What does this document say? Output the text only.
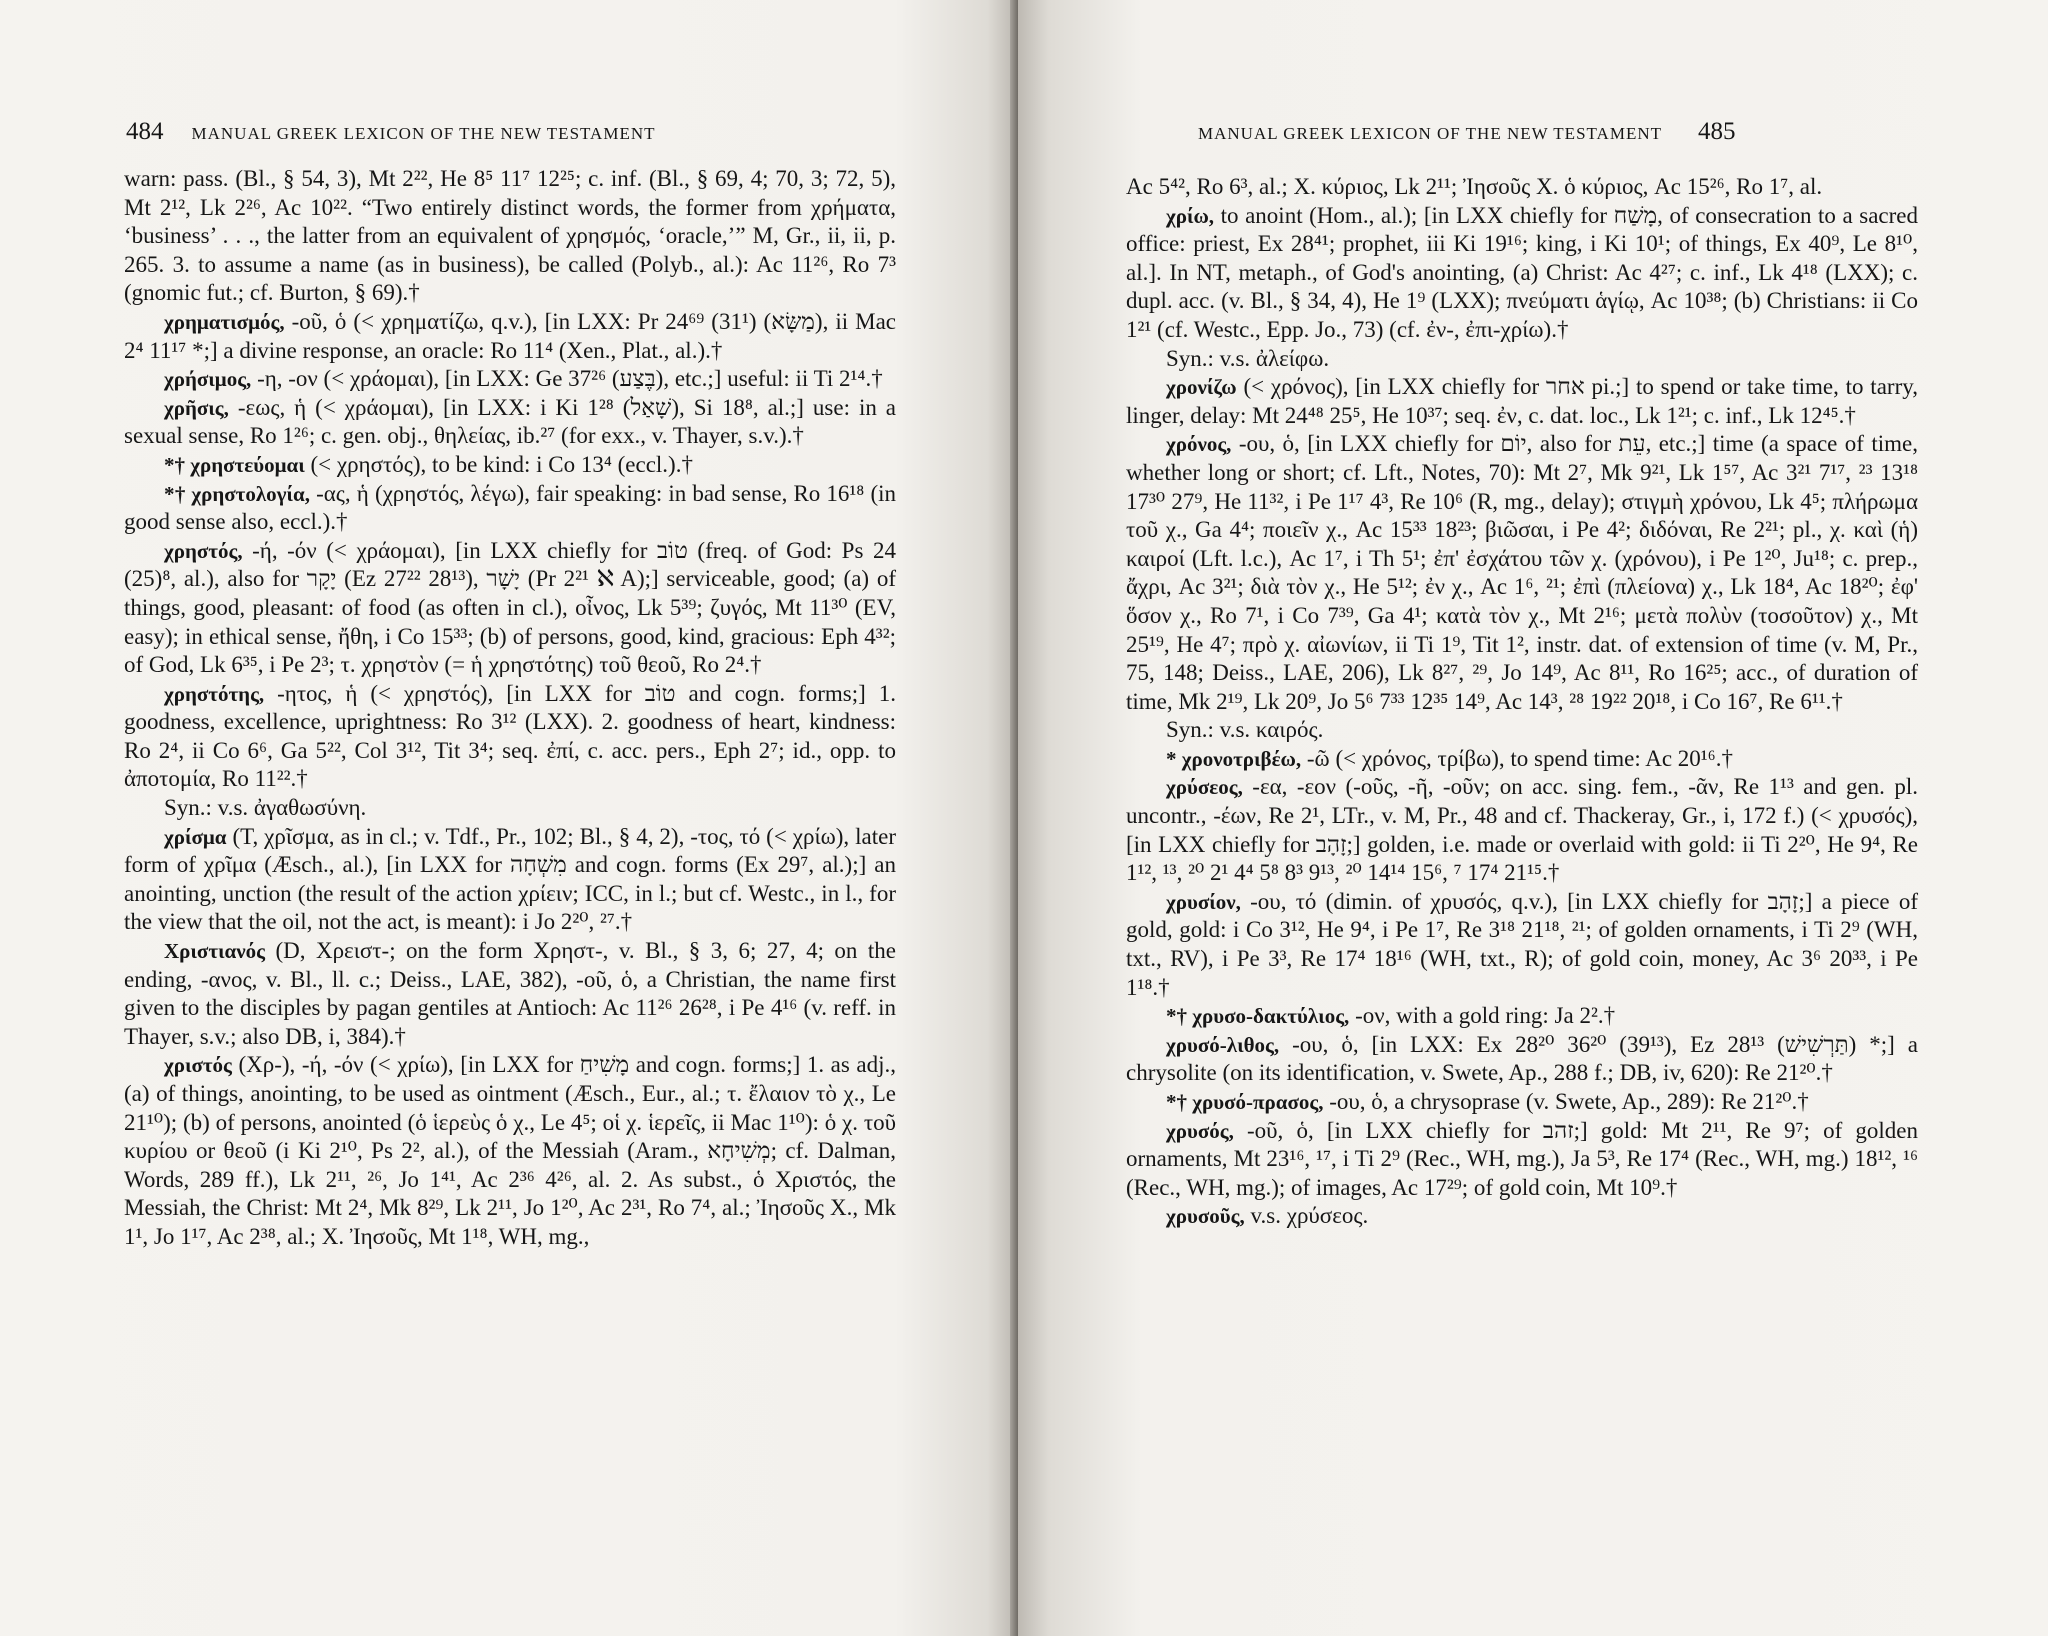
484 MANUAL GREEK LEXICON OF THE NEW TESTAMENT

warn: pass. (Bl., § 54, 3), Mt 2²², He 8⁵ 11⁷ 12²⁵; c. inf. (Bl., § 69, 4; 70, 3; 72, 5), Mt 2¹², Lk 2²⁶, Ac 10²². “Two entirely distinct words, the former from χρήματα, ‘business’ . . ., the latter from an equivalent of χρησμός, ‘oracle,’” M, Gr., ii, ii, p. 265. 3. to assume a name (as in business), be called (Polyb., al.): Ac 11²⁶, Ro 7³ (gnomic fut.; cf. Burton, § 69).†

χρηματισμός, -οῦ, ὁ (< χρηματίζω, q.v.), [in LXX: Pr 24⁶⁹ (31¹) (מַשָּׂא), ii Mac 2⁴ 11¹⁷ *;] a divine response, an oracle: Ro 11⁴ (Xen., Plat., al.).†

χρήσιμος, -η, -ον (< χράομαι), [in LXX: Ge 37²⁶ (בֶּצַע), etc.;] useful: ii Ti 2¹⁴.†

χρῆσις, -εως, ἡ (< χράομαι), [in LXX: i Ki 1²⁸ (שָׁאַל), Si 18⁸, al.;] use: in a sexual sense, Ro 1²⁶; c. gen. obj., θηλείας, ib.²⁷ (for exx., v. Thayer, s.v.).†

*† χρηστεύομαι (< χρηστός), to be kind: i Co 13⁴ (eccl.).†

*† χρηστολογία, -ας, ἡ (χρηστός, λέγω), fair speaking: in bad sense, Ro 16¹⁸ (in good sense also, eccl.).†

χρηστός, -ή, -όν (< χράομαι), [in LXX chiefly for טוֹב (freq. of God: Ps 24 (25)⁸, al.), also for יָקָר (Ez 27²² 28¹³), יָשָׁר (Pr 2²¹ ℵ A);] serviceable, good; (a) of things, good, pleasant: of food (as often in cl.), οἶνος, Lk 5³⁹; ζυγός, Mt 11³⁰ (EV, easy); in ethical sense, ἤθη, i Co 15³³; (b) of persons, good, kind, gracious: Eph 4³²; of God, Lk 6³⁵, i Pe 2³; τ. χρηστὸν (= ἡ χρηστότης) τοῦ θεοῦ, Ro 2⁴.†

χρηστότης, -ητος, ἡ (< χρηστός), [in LXX for טוֹב and cogn. forms;] 1. goodness, excellence, uprightness: Ro 3¹² (LXX). 2. goodness of heart, kindness: Ro 2⁴, ii Co 6⁶, Ga 5²², Col 3¹², Tit 3⁴; seq. ἐπί, c. acc. pers., Eph 2⁷; id., opp. to ἀποτομία, Ro 11²².†

Syn.: v.s. ἀγαθωσύνη.

χρίσμα (T, χρῖσμα, as in cl.; v. Tdf., Pr., 102; Bl., § 4, 2), -τος, τό (< χρίω), later form of χρῖμα (Æsch., al.), [in LXX for מִשְׁחָה and cogn. forms (Ex 29⁷, al.);] an anointing, unction (the result of the action χρίειν; ICC, in l.; but cf. Westc., in l., for the view that the oil, not the act, is meant): i Jo 2²⁰, ²⁷.†

Χριστιανός (D, Χρειστ-; on the form Χρηστ-, v. Bl., § 3, 6; 27, 4; on the ending, -ανος, v. Bl., ll. c.; Deiss., LAE, 382), -οῦ, ὁ, a Christian, the name first given to the disciples by pagan gentiles at Antioch: Ac 11²⁶ 26²⁸, i Pe 4¹⁶ (v. reff. in Thayer, s.v.; also DB, i, 384).†

χριστός (Χρ-), -ή, -όν (< χρίω), [in LXX for מָשִׁיחַ and cogn. forms;] 1. as adj., (a) of things, anointing, to be used as ointment (Æsch., Eur., al.; τ. ἔλαιον τὸ χ., Le 21¹⁰); (b) of persons, anointed (ὁ ἱερεὺς ὁ χ., Le 4⁵; οἱ χ. ἱερεῖς, ii Mac 1¹⁰): ὁ χ. τοῦ κυρίου or θεοῦ (i Ki 2¹⁰, Ps 2², al.), of the Messiah (Aram., מְשִׁיחָא; cf. Dalman, Words, 289 ff.), Lk 2¹¹, ²⁶, Jo 1⁴¹, Ac 2³⁶ 4²⁶, al. 2. As subst., ὁ Χριστός, the Messiah, the Christ: Mt 2⁴, Mk 8²⁹, Lk 2¹¹, Jo 1²⁰, Ac 2³¹, Ro 7⁴, al.; Ἰησοῦς Χ., Mk 1¹, Jo 1¹⁷, Ac 2³⁸, al.; Χ. Ἰησοῦς, Mt 1¹⁸, WH, mg.,

MANUAL GREEK LEXICON OF THE NEW TESTAMENT 485

Ac 5⁴², Ro 6³, al.; Χ. κύριος, Lk 2¹¹; Ἰησοῦς Χ. ὁ κύριος, Ac 15²⁶, Ro 1⁷, al.

χρίω, to anoint (Hom., al.); [in LXX chiefly for מָשַׁח, of consecration to a sacred office: priest, Ex 28⁴¹; prophet, iii Ki 19¹⁶; king, i Ki 10¹; of things, Ex 40⁹, Le 8¹⁰, al.]. In NT, metaph., of God's anointing, (a) Christ: Ac 4²⁷; c. inf., Lk 4¹⁸ (LXX); c. dupl. acc. (v. Bl., § 34, 4), He 1⁹ (LXX); πνεύματι ἁγίῳ, Ac 10³⁸; (b) Christians: ii Co 1²¹ (cf. Westc., Epp. Jo., 73) (cf. ἐν-, ἐπι-χρίω).†

Syn.: v.s. ἀλείφω.

χρονίζω (< χρόνος), [in LXX chiefly for אחר pi.;] to spend or take time, to tarry, linger, delay: Mt 24⁴⁸ 25⁵, He 10³⁷; seq. ἐν, c. dat. loc., Lk 1²¹; c. inf., Lk 12⁴⁵.†

χρόνος, -ου, ὁ, [in LXX chiefly for יוֹם, also for עֵת, etc.;] time (a space of time, whether long or short; cf. Lft., Notes, 70): Mt 2⁷, Mk 9²¹, Lk 1⁵⁷, Ac 3²¹ 7¹⁷, ²³ 13¹⁸ 17³⁰ 27⁹, He 11³², i Pe 1¹⁷ 4³, Re 10⁶ (R, mg., delay); στιγμὴ χρόνου, Lk 4⁵; πλήρωμα τοῦ χ., Ga 4⁴; ποιεῖν χ., Ac 15³³ 18²³; βιῶσαι, i Pe 4²; διδόναι, Re 2²¹; pl., χ. καὶ (ἡ) καιροί (Lft. l.c.), Ac 1⁷, i Th 5¹; ἐπ' ἐσχάτου τῶν χ. (χρόνου), i Pe 1²⁰, Ju¹⁸; c. prep., ἄχρι, Ac 3²¹; διὰ τὸν χ., He 5¹²; ἐν χ., Ac 1⁶, ²¹; ἐπὶ (πλείονα) χ., Lk 18⁴, Ac 18²⁰; ἐφ' ὅσον χ., Ro 7¹, i Co 7³⁹, Ga 4¹; κατὰ τὸν χ., Mt 2¹⁶; μετὰ πολὺν (τοσοῦτον) χ., Mt 25¹⁹, He 4⁷; πρὸ χ. αἰωνίων, ii Ti 1⁹, Tit 1², instr. dat. of extension of time (v. M, Pr., 75, 148; Deiss., LAE, 206), Lk 8²⁷, ²⁹, Jo 14⁹, Ac 8¹¹, Ro 16²⁵; acc., of duration of time, Mk 2¹⁹, Lk 20⁹, Jo 5⁶ 7³³ 12³⁵ 14⁹, Ac 14³, ²⁸ 19²² 20¹⁸, i Co 16⁷, Re 6¹¹.†

Syn.: v.s. καιρός.

* χρονοτριβέω, -ῶ (< χρόνος, τρίβω), to spend time: Ac 20¹⁶.†

χρύσεος, -εα, -εον (-οῦς, -ῆ, -οῦν; on acc. sing. fem., -ᾶν, Re 1¹³ and gen. pl. uncontr., -έων, Re 2¹, LTr., v. M, Pr., 48 and cf. Thackeray, Gr., i, 172 f.) (< χρυσός), [in LXX chiefly for זָהָב;] golden, i.e. made or overlaid with gold: ii Ti 2²⁰, He 9⁴, Re 1¹², ¹³, ²⁰ 2¹ 4⁴ 5⁸ 8³ 9¹³, ²⁰ 14¹⁴ 15⁶, ⁷ 17⁴ 21¹⁵.†

χρυσίον, -ου, τό (dimin. of χρυσός, q.v.), [in LXX chiefly for זָהָב;] a piece of gold, gold: i Co 3¹², He 9⁴, i Pe 1⁷, Re 3¹⁸ 21¹⁸, ²¹; of golden ornaments, i Ti 2⁹ (WH, txt., RV), i Pe 3³, Re 17⁴ 18¹⁶ (WH, txt., R); of gold coin, money, Ac 3⁶ 20³³, i Pe 1¹⁸.†

*† χρυσο-δακτύλιος, -ον, with a gold ring: Ja 2².†

χρυσό-λιθος, -ου, ὁ, [in LXX: Ex 28²⁰ 36²⁰ (39¹³), Ez 28¹³ (תַּרְשִׁישׁ) *;] a chrysolite (on its identification, v. Swete, Ap., 288 f.; DB, iv, 620): Re 21²⁰.†

*† χρυσό-πρασος, -ου, ὁ, a chrysoprase (v. Swete, Ap., 289): Re 21²⁰.†

χρυσός, -οῦ, ὁ, [in LXX chiefly for זהב;] gold: Mt 2¹¹, Re 9⁷; of golden ornaments, Mt 23¹⁶, ¹⁷, i Ti 2⁹ (Rec., WH, mg.), Ja 5³, Re 17⁴ (Rec., WH, mg.) 18¹², ¹⁶ (Rec., WH, mg.); of images, Ac 17²⁹; of gold coin, Mt 10⁹.†

χρυσοῦς, v.s. χρύσεος.
